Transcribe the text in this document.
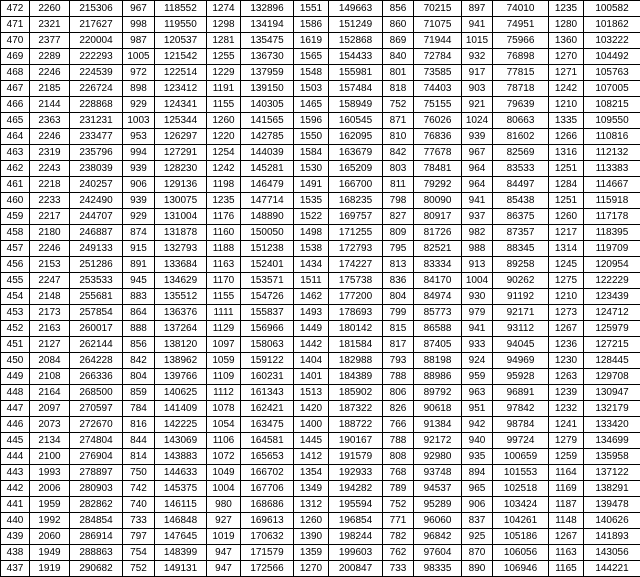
472	2260	215306	967	118552	1274	132896	1551	149663	856	70215	897	74010	1235	100582
471	2321	217627	998	119550	1298	134194	1586	151249	860	71075	941	74951	1280	101862
470	2377	220004	987	120537	1281	135475	1619	152868	869	71944	1015	75966	1360	103222
469	2289	222293	1005	121542	1255	136730	1565	154433	840	72784	932	76898	1270	104492
468	2246	224539	972	122514	1229	137959	1548	155981	801	73585	917	77815	1271	105763
467	2185	226724	898	123412	1191	139150	1503	157484	818	74403	903	78718	1242	107005
466	2144	228868	929	124341	1155	140305	1465	158949	752	75155	921	79639	1210	108215
465	2363	231231	1003	125344	1260	141565	1596	160545	871	76026	1024	80663	1335	109550
464	2246	233477	953	126297	1220	142785	1550	162095	810	76836	939	81602	1266	110816
463	2319	235796	994	127291	1254	144039	1584	163679	842	77678	967	82569	1316	112132
462	2243	238039	939	128230	1242	145281	1530	165209	803	78481	964	83533	1251	113383
461	2218	240257	906	129136	1198	146479	1491	166700	811	79292	964	84497	1284	114667
460	2233	242490	939	130075	1235	147714	1535	168235	798	80090	941	85438	1251	115918
459	2217	244707	929	131004	1176	148890	1522	169757	827	80917	937	86375	1260	117178
458	2180	246887	874	131878	1160	150050	1498	171255	809	81726	982	87357	1217	118395
457	2246	249133	915	132793	1188	151238	1538	172793	795	82521	988	88345	1314	119709
456	2153	251286	891	133684	1163	152401	1434	174227	813	83334	913	89258	1245	120954
455	2247	253533	945	134629	1170	153571	1511	175738	836	84170	1004	90262	1275	122229
454	2148	255681	883	135512	1155	154726	1462	177200	804	84974	930	91192	1210	123439
453	2173	257854	864	136376	1111	155837	1493	178693	799	85773	979	92171	1273	124712
452	2163	260017	888	137264	1129	156966	1449	180142	815	86588	941	93112	1267	125979
451	2127	262144	856	138120	1097	158063	1442	181584	817	87405	933	94045	1236	127215
450	2084	264228	842	138962	1059	159122	1404	182988	793	88198	924	94969	1230	128445
449	2108	266336	804	139766	1109	160231	1401	184389	788	88986	959	95928	1263	129708
448	2164	268500	859	140625	1112	161343	1513	185902	806	89792	963	96891	1239	130947
447	2097	270597	784	141409	1078	162421	1420	187322	826	90618	951	97842	1232	132179
446	2073	272670	816	142225	1054	163475	1400	188722	766	91384	942	98784	1241	133420
445	2134	274804	844	143069	1106	164581	1445	190167	788	92172	940	99724	1279	134699
444	2100	276904	814	143883	1072	165653	1412	191579	808	92980	935	100659	1259	135958
443	1993	278897	750	144633	1049	166702	1354	192933	768	93748	894	101553	1164	137122
442	2006	280903	742	145375	1004	167706	1349	194282	789	94537	965	102518	1169	138291
441	1959	282862	740	146115	980	168686	1312	195594	752	95289	906	103424	1187	139478
440	1992	284854	733	146848	927	169613	1260	196854	771	96060	837	104261	1148	140626
439	2060	286914	797	147645	1019	170632	1390	198244	782	96842	925	105186	1267	141893
438	1949	288863	754	148399	947	171579	1359	199603	762	97604	870	106056	1163	143056
437	1919	290682	752	149131	947	172566	1270	200847	733	98335	890	106946	1165	144221
